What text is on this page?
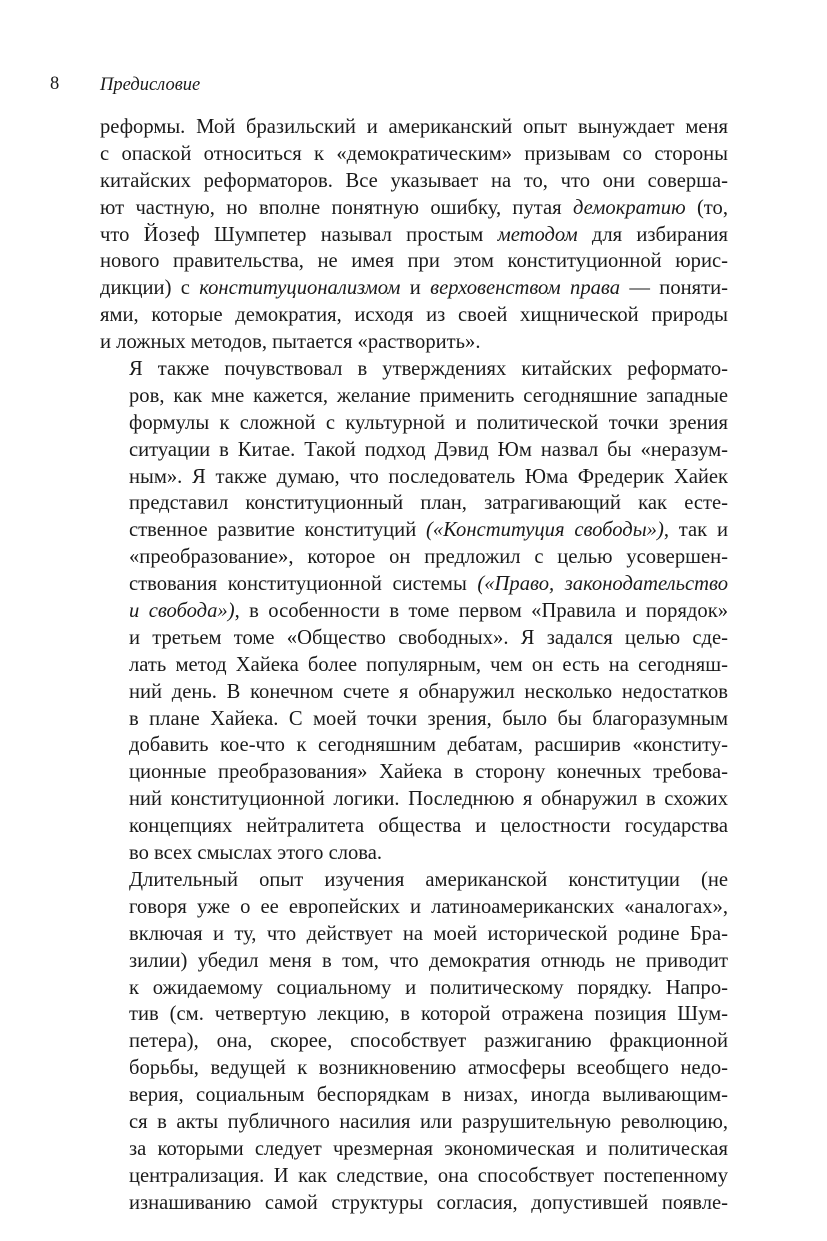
8 Предисловие

реформы. Мой бразильский и американский опыт вынуждает меня
с опаской относиться к «демократическим» призывам со стороны
китайских реформаторов. Все указывает на то, что они соверша-
ют частную, но вполне понятную ошибку, путая демократию (то,
что Йозеф Шумпетер называл простым методом для избирания
нового правительства, не имея при этом конституционной юрис-
дикции) с конституционализмом и верховенством права — поняти-
ями, которые демократия, исходя из своей хищнической природы
и ложных методов, пытается «растворить».

Я также почувствовал в утверждениях китайских реформато-
ров, как мне кажется, желание применить сегодняшние западные
формулы к сложной с культурной и политической точки зрения
ситуации в Китае. Такой подход Дэвид Юм назвал бы «неразум-
ным». Я также думаю, что последователь Юма Фредерик Хайек
представил конституционный план, затрагивающий как есте-
ственное развитие конституций («Конституция свободы»), так и
«преобразование», которое он предложил с целью усовершен-
ствования конституционной системы («Право, законодательство
и свобода»), в особенности в томе первом «Правила и порядок»
и третьем томе «Общество свободных». Я задался целью сде-
лать метод Хайека более популярным, чем он есть на сегодняш-
ний день. В конечном счете я обнаружил несколько недостатков
в плане Хайека. С моей точки зрения, было бы благоразумным
добавить кое-что к сегодняшним дебатам, расширив «конститу-
ционные преобразования» Хайека в сторону конечных требова-
ний конституционной логики. Последнюю я обнаружил в схожих
концепциях нейтралитета общества и целостности государства
во всех смыслах этого слова.

Длительный опыт изучения американской конституции (не
говоря уже о ее европейских и латиноамериканских «аналогах»,
включая и ту, что действует на моей исторической родине Бра-
зилии) убедил меня в том, что демократия отнюдь не приводит
к ожидаемому социальному и политическому порядку. Напро-
тив (см. четвертую лекцию, в которой отражена позиция Шум-
петера), она, скорее, способствует разжиганию фракционной
борьбы, ведущей к возникновению атмосферы всеобщего недо-
верия, социальным беспорядкам в низах, иногда выливающим-
ся в акты публичного насилия или разрушительную революцию,
за которыми следует чрезмерная экономическая и политическая
централизация. И как следствие, она способствует постепенному
изнашиванию самой структуры согласия, допустившей появле-
